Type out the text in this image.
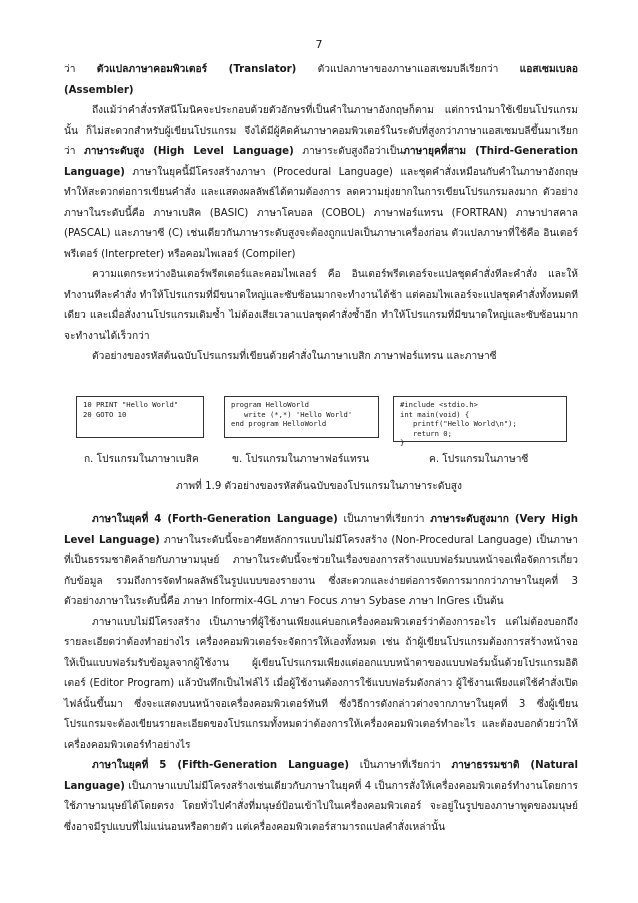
7

ว่า ตัวแปลภาษาคอมพิวเตอร์ (Translator) ตัวแปลภาษาของภาษาแอสเซมบลีเรียกว่า แอสเซมเบลอ (Assembler)

ถึงแม้ว่าคำสั่งรหัสนีโมนิคจะประกอบด้วยตัวอักษรที่เป็นคำในภาษาอังกฤษก็ตาม แต่การนำมาใช้เขียนโปรแกรมนั้น ก็ไม่สะดวกสำหรับผู้เขียนโปรแกรม จึงได้มีผู้คิดค้นภาษาคอมพิวเตอร์ในระดับที่สูงกว่าภาษาแอสเซมบลีขึ้นมาเรียกว่า ภาษาระดับสูง (High Level Language) ภาษาระดับสูงถือว่าเป็นภาษายุคที่สาม (Third-Generation Language) ภาษาในยุคนี้มีโครงสร้างภาษา (Procedural Language) และชุดคำสั่งเหมือนกับคำในภาษาอังกฤษ ทำให้สะดวกต่อการเขียนคำสั่ง และแสดงผลลัพธ์ได้ตามต้องการ ลดความยุ่งยากในการเขียนโปรแกรมลงมาก ตัวอย่างภาษาในระดับนี้คือ ภาษาเบสิค (BASIC) ภาษาโคบอล (COBOL) ภาษาฟอร์แทรน (FORTRAN) ภาษาปาสคาล (PASCAL) และภาษาซี (C) เช่นเดียวกันภาษาระดับสูงจะต้องถูกแปลเป็นภาษาเครื่องก่อน ตัวแปลภาษาที่ใช้คือ อินเตอร์พรีเตอร์ (Interpreter) หรือคอมไพเลอร์ (Compiler)

ความแตกระหว่างอินเตอร์พรีตเตอร์และคอมไพเลอร์ คือ อินเตอร์พรีตเตอร์จะแปลชุดคำสั่งทีละคำสั่ง และให้ทำงานทีละคำสั่ง ทำให้โปรแกรมที่มีขนาดใหญ่และซับซ้อนมากจะทำงานได้ช้า แต่คอมไพเลอร์จะแปลชุดคำสั่งทั้งหมดทีเดียว และเมื่อสั่งงานโปรแกรมเดิมซ้ำ ไม่ต้องเสียเวลาแปลชุดคำสั่งซ้ำอีก ทำให้โปรแกรมที่มีขนาดใหญ่และซับซ้อนมากจะทำงานได้เร็วกว่า

ตัวอย่างของรหัสต้นฉบับโปรแกรมที่เขียนด้วยคำสั่งในภาษาเบสิก ภาษาฟอร์แทรน และภาษาซี

10 PRINT "Hello World"
20 GOTO 10
program HelloWorld
write (*,*) 'Hello World'
end program HelloWorld
#include <stdio.h>
int main(void) {
printf("Hello World\n");
return 0;
}
ก. โปรแกรมในภาษาเบสิค	ข. โปรแกรมในภาษาฟอร์แทรน	ค. โปรแกรมในภาษาซี
ภาพที่ 1.9 ตัวอย่างของรหัสต้นฉบับของโปรแกรมในภาษาระดับสูง

ภาษาในยุคที่ 4 (Forth-Generation Language) เป็นภาษาที่เรียกว่า ภาษาระดับสูงมาก (Very High Level Language) ภาษาในระดับนี้จะอาศัยหลักการแบบไม่มีโครงสร้าง (Non-Procedural Language) เป็นภาษาที่เป็นธรรมชาติคล้ายกับภาษามนุษย์ ภาษาในระดับนี้จะช่วยในเรื่องของการสร้างแบบฟอร์มบนหน้าจอเพื่อจัดการเกี่ยวกับข้อมูล รวมถึงการจัดทำผลลัพธ์ในรูปแบบของรายงาน ซึ่งสะดวกและง่ายต่อการจัดการมากกว่าภาษาในยุคที่ 3 ตัวอย่างภาษาในระดับนี้คือ ภาษา Informix-4GL ภาษา Focus ภาษา Sybase ภาษา InGres เป็นต้น

ภาษาแบบไม่มีโครงสร้าง เป็นภาษาที่ผู้ใช้งานเพียงแค่บอกเครื่องคอมพิวเตอร์ว่าต้องการอะไร แต่ไม่ต้องบอกถึงรายละเอียดว่าต้องทำอย่างไร เครื่องคอมพิวเตอร์จะจัดการให้เองทั้งหมด เช่น ถ้าผู้เขียนโปรแกรมต้องการสร้างหน้าจอให้เป็นแบบฟอร์มรับข้อมูลจากผู้ใช้งาน ผู้เขียนโปรแกรมเพียงแต่ออกแบบหน้าตาของแบบฟอร์มนั้นด้วยโปรแกรมอิดิเตอร์ (Editor Program) แล้วบันทึกเป็นไฟล์ไว้ เมื่อผู้ใช้งานต้องการใช้แบบฟอร์มดังกล่าว ผู้ใช้งานเพียงแต่ใช้คำสั่งเปิดไฟล์นั้นขึ้นมา ซึ่งจะแสดงบนหน้าจอเครื่องคอมพิวเตอร์ทันที ซึ่งวิธีการดังกล่าวต่างจากภาษาในยุคที่ 3 ซึ่งผู้เขียนโปรแกรมจะต้องเขียนรายละเอียดของโปรแกรมทั้งหมดว่าต้องการให้เครื่องคอมพิวเตอร์ทำอะไร และต้องบอกด้วยว่าให้เครื่องคอมพิวเตอร์ทำอย่างไร

ภาษาในยุคที่ 5 (Fifth-Generation Language) เป็นภาษาที่เรียกว่า ภาษาธรรมชาติ (Natural Language) เป็นภาษาแบบไม่มีโครงสร้างเช่นเดียวกับภาษาในยุคที่ 4 เป็นการสั่งให้เครื่องคอมพิวเตอร์ทำงานโดยการใช้ภาษามนุษย์ได้โดยตรง โดยทั่วไปคำสั่งที่มนุษย์ป้อนเข้าไปในเครื่องคอมพิวเตอร์ จะอยู่ในรูปของภาษาพูดของมนุษย์ ซึ่งอาจมีรูปแบบที่ไม่แน่นอนหรือตายตัว แต่เครื่องคอมพิวเตอร์สามารถแปลคำสั่งเหล่านั้น
